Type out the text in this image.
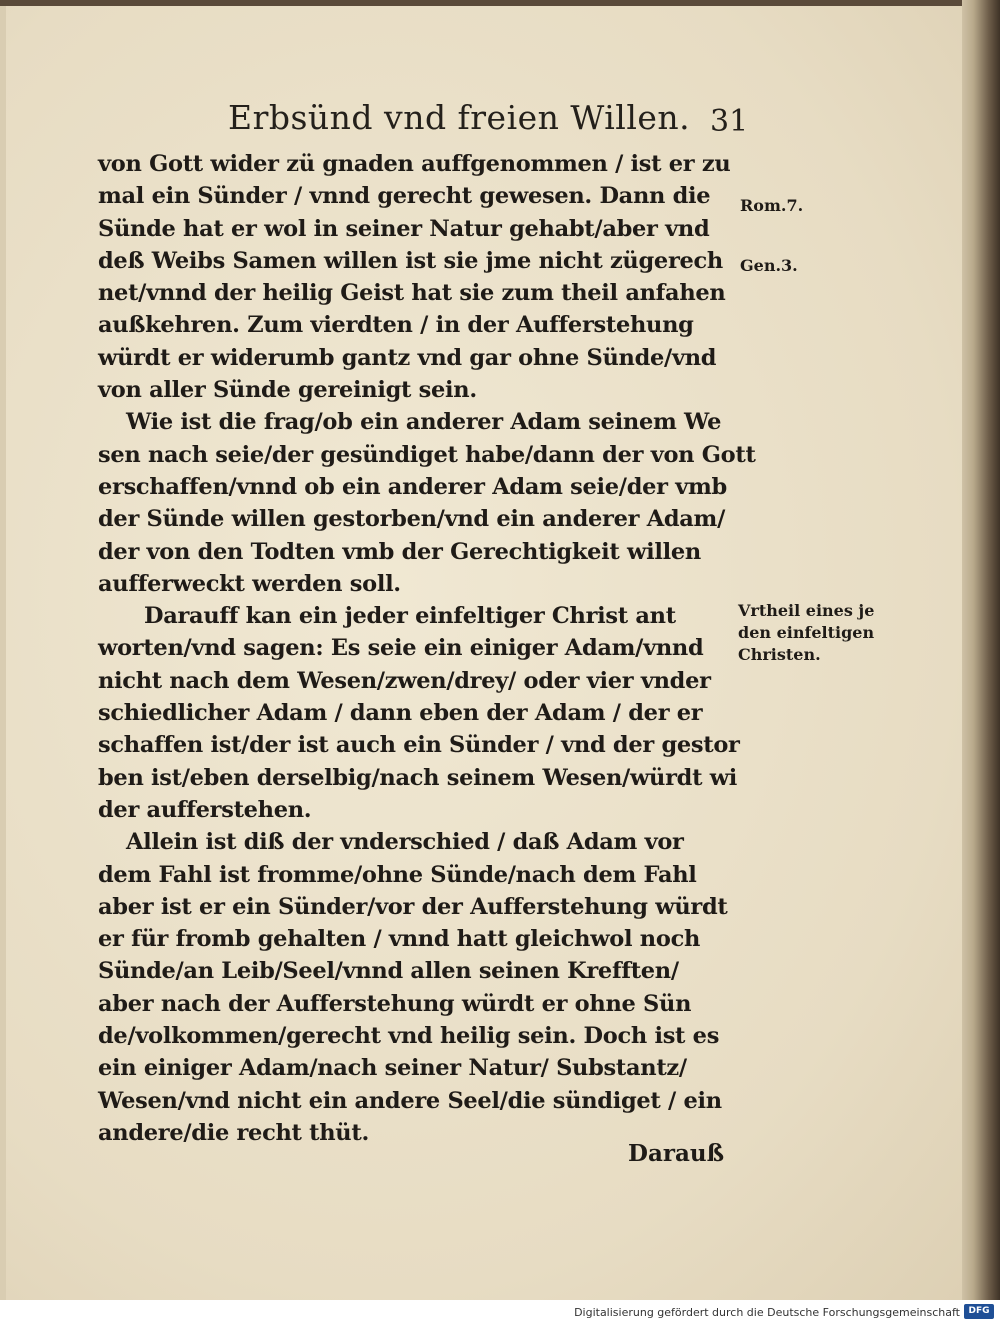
Erbsünd vnd freien Willen. 31
von Gott wider zü gnaden auffgenommen / ist er zu
mal ein Sünder / vnnd gerecht gewesen. Dann die
Sünde hat er wol in seiner Natur gehabt/aber vnd
deß Weibs Samen willen ist sie jme nicht zügerech
net/vnnd der heilig Geist hat sie zum theil anfahen
außkehren. Zum vierdten / in der Aufferstehung
würdt er widerumb gantz vnd gar ohne Sünde/vnd
von aller Sünde gereinigt sein.
Wie ist die frag/ob ein anderer Adam seinem We
sen nach seie/der gesündiget habe/dann der von Gott
erschaffen/vnnd ob ein anderer Adam seie/der vmb
der Sünde willen gestorben/vnd ein anderer Adam/
der von den Todten vmb der Gerechtigkeit willen
aufferweckt werden soll.
Darauff kan ein jeder einfeltiger Christ ant
worten/vnd sagen: Es seie ein einiger Adam/vnnd
nicht nach dem Wesen/zwen/drey/ oder vier vnder
schiedlicher Adam / dann eben der Adam / der er
schaffen ist/der ist auch ein Sünder / vnd der gestor
ben ist/eben derselbig/nach seinem Wesen/würdt wi
der aufferstehen.
Allein ist diß der vnderschied / daß Adam vor
dem Fahl ist fromme/ohne Sünde/nach dem Fahl
aber ist er ein Sünder/vor der Aufferstehung würdt
er für fromb gehalten / vnnd hatt gleichwol noch
Sünde/an Leib/Seel/vnnd allen seinen Krefften/
aber nach der Aufferstehung würdt er ohne Sün
de/volkommen/gerecht vnd heilig sein. Doch ist es
ein einiger Adam/nach seiner Natur/ Substantz/
Wesen/vnd nicht ein andere Seel/die sündiget / ein
andere/die recht thüt.
Rom.7.
Gen.3.
Vrtheil eines je
den einfeltigen
Christen.
Darauß
Digitalisierung gefördert durch die Deutsche Forschungsgemeinschaft DFG
